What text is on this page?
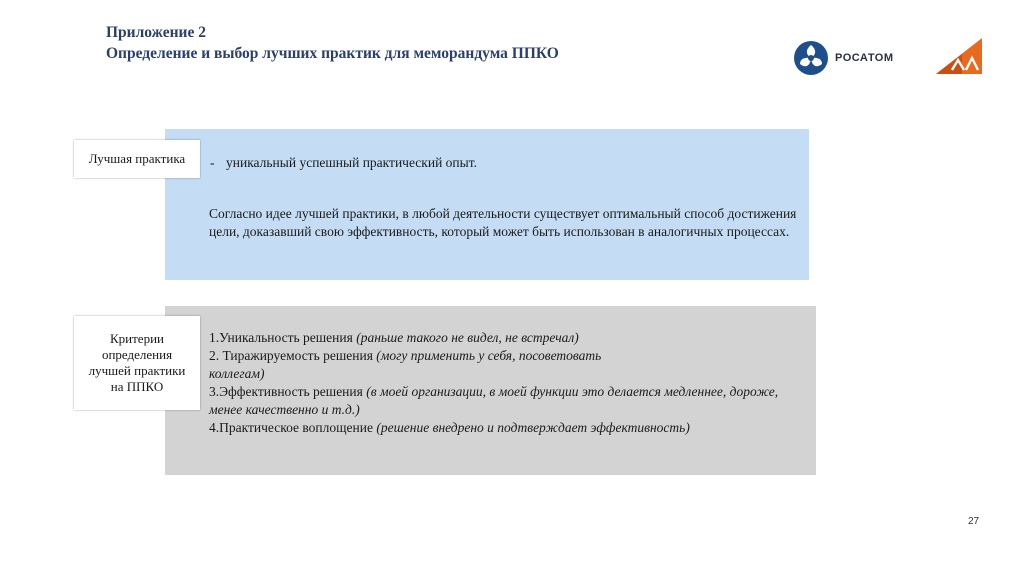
Приложение 2
Определение и выбор лучших практик для меморандума ППКО	РОСАТОМ
Лучшая практика	- уникальный успешный практический опыт.
Согласно идее лучшей практики, в любой деятельности существует оптимальный способ достижения цели, доказавший свою эффективность, который может быть использован в аналогичных процессах.
Критерии определения лучшей практики на ППКО
1.Уникальность решения (раньше такого не видел, не встречал)
2. Тиражируемость решения (могу применить у себя, посоветовать коллегам)
3.Эффективность решения (в моей организации, в моей функции это делается медленнее, дороже, менее качественно и т.д.)
4.Практическое воплощение (решение внедрено и подтверждает эффективность)
27
